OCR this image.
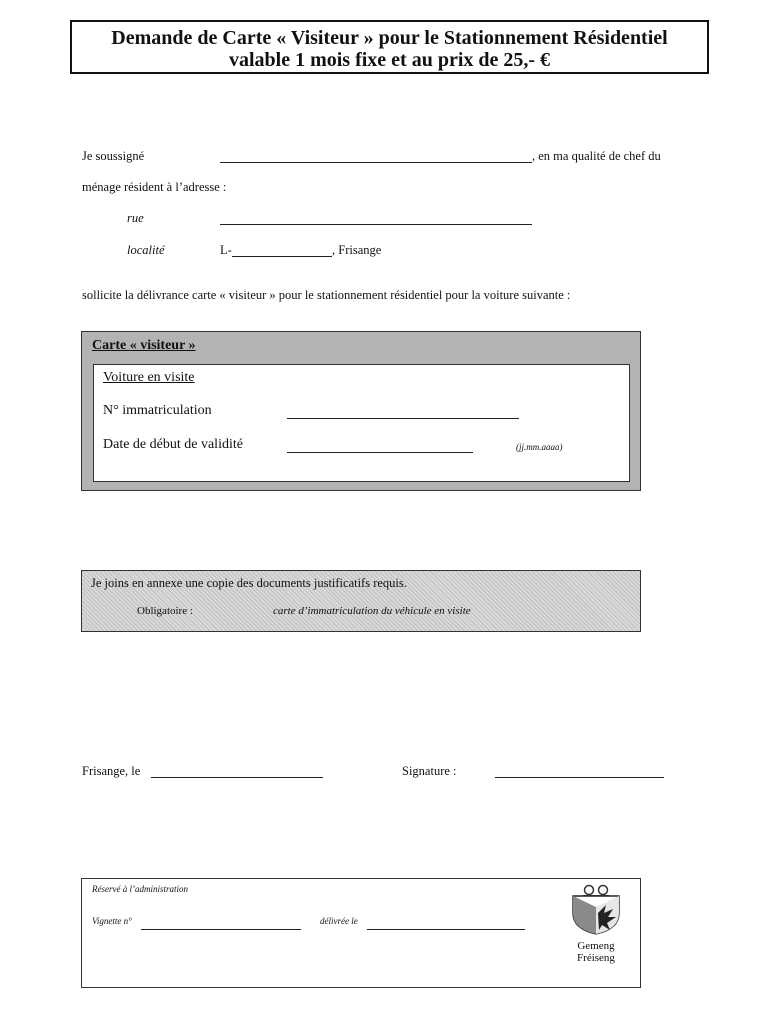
Demande de Carte « Visiteur » pour le Stationnement Résidentiel
valable 1 mois fixe et au prix de 25,- €
Je soussigné	, en ma qualité de chef du
ménage résident à l’adresse :
rue
localité	L-	, Frisange
sollicite la délivrance carte « visiteur » pour le stationnement résidentiel pour la voiture suivante :
Carte « visiteur »
Voiture en visite
N° immatriculation
Date de début de validité	(jj.mm.aaaa)
Je joins en annexe une copie des documents justificatifs requis.
Obligatoire :	carte d’immatriculation du véhicule en visite
Frisange, le	Signature :
Réservé à l’administration
Vignette n°	délivrée le
Gemeng
Fréiseng
